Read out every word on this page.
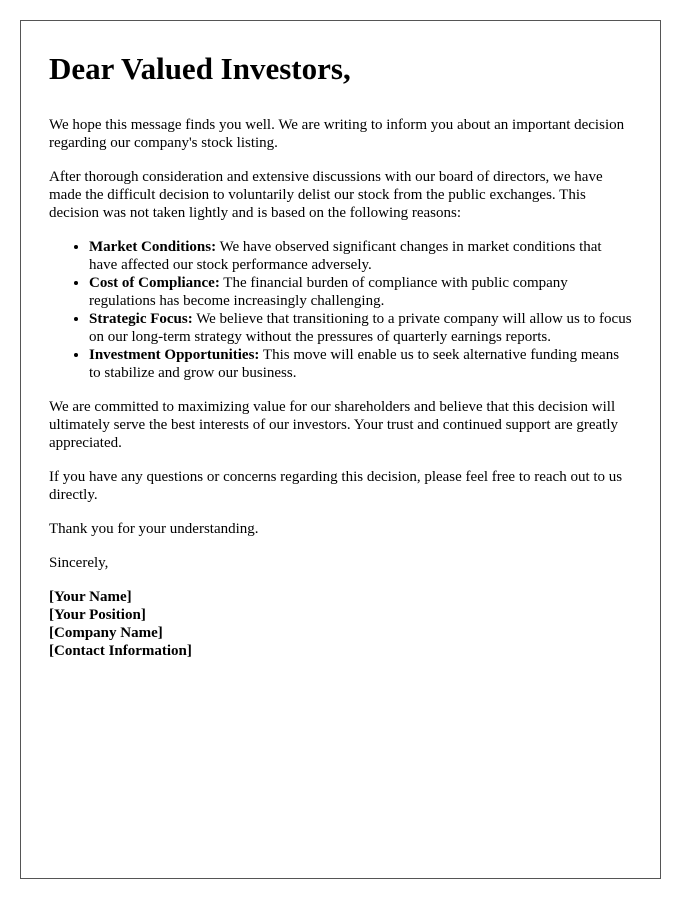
Dear Valued Investors,

We hope this message finds you well. We are writing to inform you about an important decision regarding our company's stock listing.

After thorough consideration and extensive discussions with our board of directors, we have made the difficult decision to voluntarily delist our stock from the public exchanges. This decision was not taken lightly and is based on the following reasons:

• Market Conditions: We have observed significant changes in market conditions that have affected our stock performance adversely.
• Cost of Compliance: The financial burden of compliance with public company regulations has become increasingly challenging.
• Strategic Focus: We believe that transitioning to a private company will allow us to focus on our long-term strategy without the pressures of quarterly earnings reports.
• Investment Opportunities: This move will enable us to seek alternative funding means to stabilize and grow our business.

We are committed to maximizing value for our shareholders and believe that this decision will ultimately serve the best interests of our investors. Your trust and continued support are greatly appreciated.

If you have any questions or concerns regarding this decision, please feel free to reach out to us directly.

Thank you for your understanding.

Sincerely,

[Your Name]
[Your Position]
[Company Name]
[Contact Information]
